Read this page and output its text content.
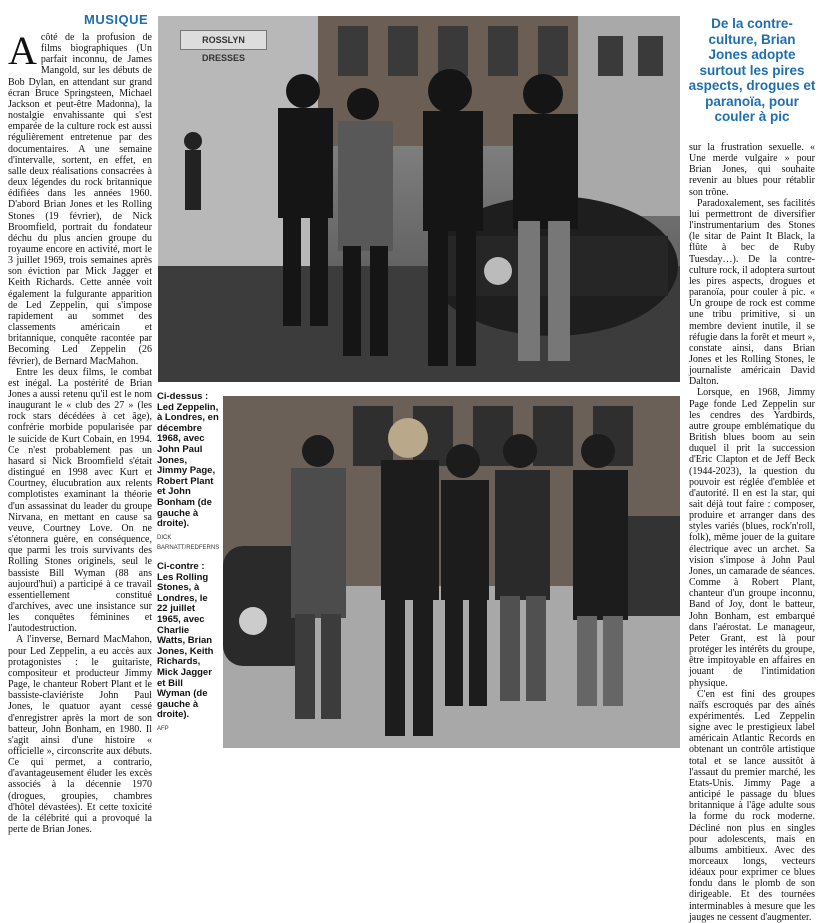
MUSIQUE
A côté de la profusion de films biographiques (Un parfait inconnu, de James Mangold, sur les débuts de Bob Dylan, en attendant sur grand écran Bruce Springsteen, Michael Jackson et peut-être Madonna), la nostalgie envahissante qui s'est emparée de la culture rock est aussi régulièrement entretenue par des documentaires. A une semaine d'intervalle, sortent, en effet, en salle deux réalisations consacrées à deux légendes du rock britannique édifiées dans les années 1960. D'abord Brian Jones et les Rolling Stones (19 février), de Nick Broomfield, portrait du fondateur déchu du plus ancien groupe du royaume encore en activité, mort le 3 juillet 1969, trois semaines après son éviction par Mick Jagger et Keith Richards. Cette année voit également la fulgurante apparition de Led Zeppelin, qui s'impose rapidement au sommet des classements américain et britannique, conquête racontée par Becoming Led Zeppelin (26 février), de Bernard MacMahon.

Entre les deux films, le combat est inégal. La postérité de Brian Jones a aussi retenu qu'il est le nom inaugurant le « club des 27 » (les rock stars décédées à cet âge), confrérie morbide popularisée par le suicide de Kurt Cobain, en 1994. Ce n'est probablement pas un hasard si Nick Broomfield s'était distingué en 1998 avec Kurt et Courtney, élucubration aux relents complotistes examinant la théorie d'un assassinat du leader du groupe Nirvana, en mettant en cause sa veuve, Courtney Love. On ne s'étonnera guère, en conséquence, que parmi les trois survivants des Rolling Stones originels, seul le bassiste Bill Wyman (88 ans aujourd'hui) a participé à ce travail essentiellement constitué d'archives, avec une insistance sur les conquêtes féminines et l'autodestruction.

A l'inverse, Bernard MacMahon, pour Led Zeppelin, a eu accès aux protagonistes : le guitariste, compositeur et producteur Jimmy Page, le chanteur Robert Plant et le bassiste-claviériste John Paul Jones, le quatuor ayant cessé d'enregistrer après la mort de son batteur, John Bonham, en 1980. Il s'agit ainsi d'une histoire « officielle », circonscrite aux débuts. Ce qui permet, a contrario, d'avantageusement éluder les excès associés à la décennie 1970 (drogues, groupies, chambres d'hôtel dévastées). Et cette toxicité de la célébrité qui a provoqué la perte de Brian Jones.

ROSSLYN DRESSES
De la contre-culture, Brian Jones adopte surtout les pires aspects, drogues et paranoïa, pour couler à pic

sur la frustration sexuelle. « Une merde vulgaire » pour Brian Jones, qui souhaite revenir au blues pour rétablir son trône.

Paradoxalement, ses facilités lui permettront de diversifier l'instrumentarium des Stones (le sitar de Paint It Black, la flûte à bec de Ruby Tuesday…). De la contre-culture rock, il adoptera surtout les pires aspects, drogues et paranoïa, pour couler à pic. « Un groupe de rock est comme une tribu primitive, si un membre devient inutile, il se réfugie dans la forêt et meurt », constate ainsi, dans Brian Jones et les Rolling Stones, le journaliste américain David Dalton.

Lorsque, en 1968, Jimmy Page fonde Led Zeppelin sur les cendres des Yardbirds, autre groupe emblématique du British blues boom au sein duquel il prit la succession d'Eric Clapton et de Jeff Beck (1944-2023), la question du pouvoir est réglée d'emblée et d'autorité. Il en est la star, qui sait déjà tout faire : composer, produire et arranger dans des styles variés (blues, rock'n'roll, folk), même jouer de la guitare électrique avec un archet. Sa vision s'impose à John Paul Jones, un camarade de séances. Comme à Robert Plant, chanteur d'un groupe inconnu, Band of Joy, dont le batteur, John Bonham, est embarqué dans l'aérostat. Le manageur, Peter Grant, est là pour protéger les intérêts du groupe, être impitoyable en affaires en jouant de l'intimidation physique.

C'en est fini des groupes naïfs escroqués par des aînés expérimentés. Led Zeppelin signe avec le prestigieux label américain Atlantic Records en obtenant un contrôle artistique total et se lance aussitôt à l'assaut du premier marché, les Etats-Unis. Jimmy Page a anticipé le passage du blues britannique à l'âge adulte sous la forme du rock moderne. Décliné non plus en singles pour adolescents, mais en albums ambitieux. Avec des morceaux longs, vecteurs idéaux pour exprimer ce blues fondu dans le plomb de son dirigeable. Et des tournées interminables à mesure que les jauges ne cessent d'augmenter.

Ci-dessus : Led Zeppelin, à Londres, en décembre 1968, avec John Paul Jones, Jimmy Page, Robert Plant et John Bonham (de gauche à droite).
DICK BARNATT/REDFERNS
Ci-contre : Les Rolling Stones, à Londres, le 22 juillet 1965, avec Charlie Watts, Brian Jones, Keith Richards, Mick Jagger et Bill Wyman (de gauche à droite).
AFP
